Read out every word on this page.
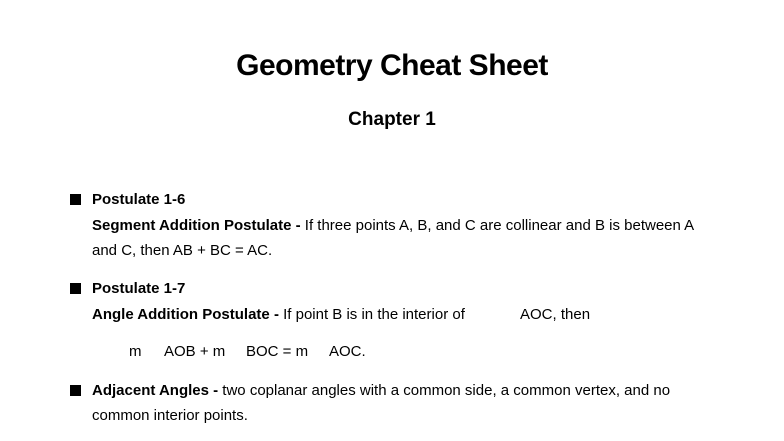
Geometry Cheat Sheet
Chapter 1
Postulate 1-6
Segment Addition Postulate - If three points A, B, and C are collinear and B is between A
and C, then AB + BC = AC.
Postulate 1-7
Angle Addition Postulate - If point B is in the interior of	AOC, then
m AOB + m BOC = m AOC.
Adjacent Angles - two coplanar angles with a common side, a common vertex, and no
common interior points.
